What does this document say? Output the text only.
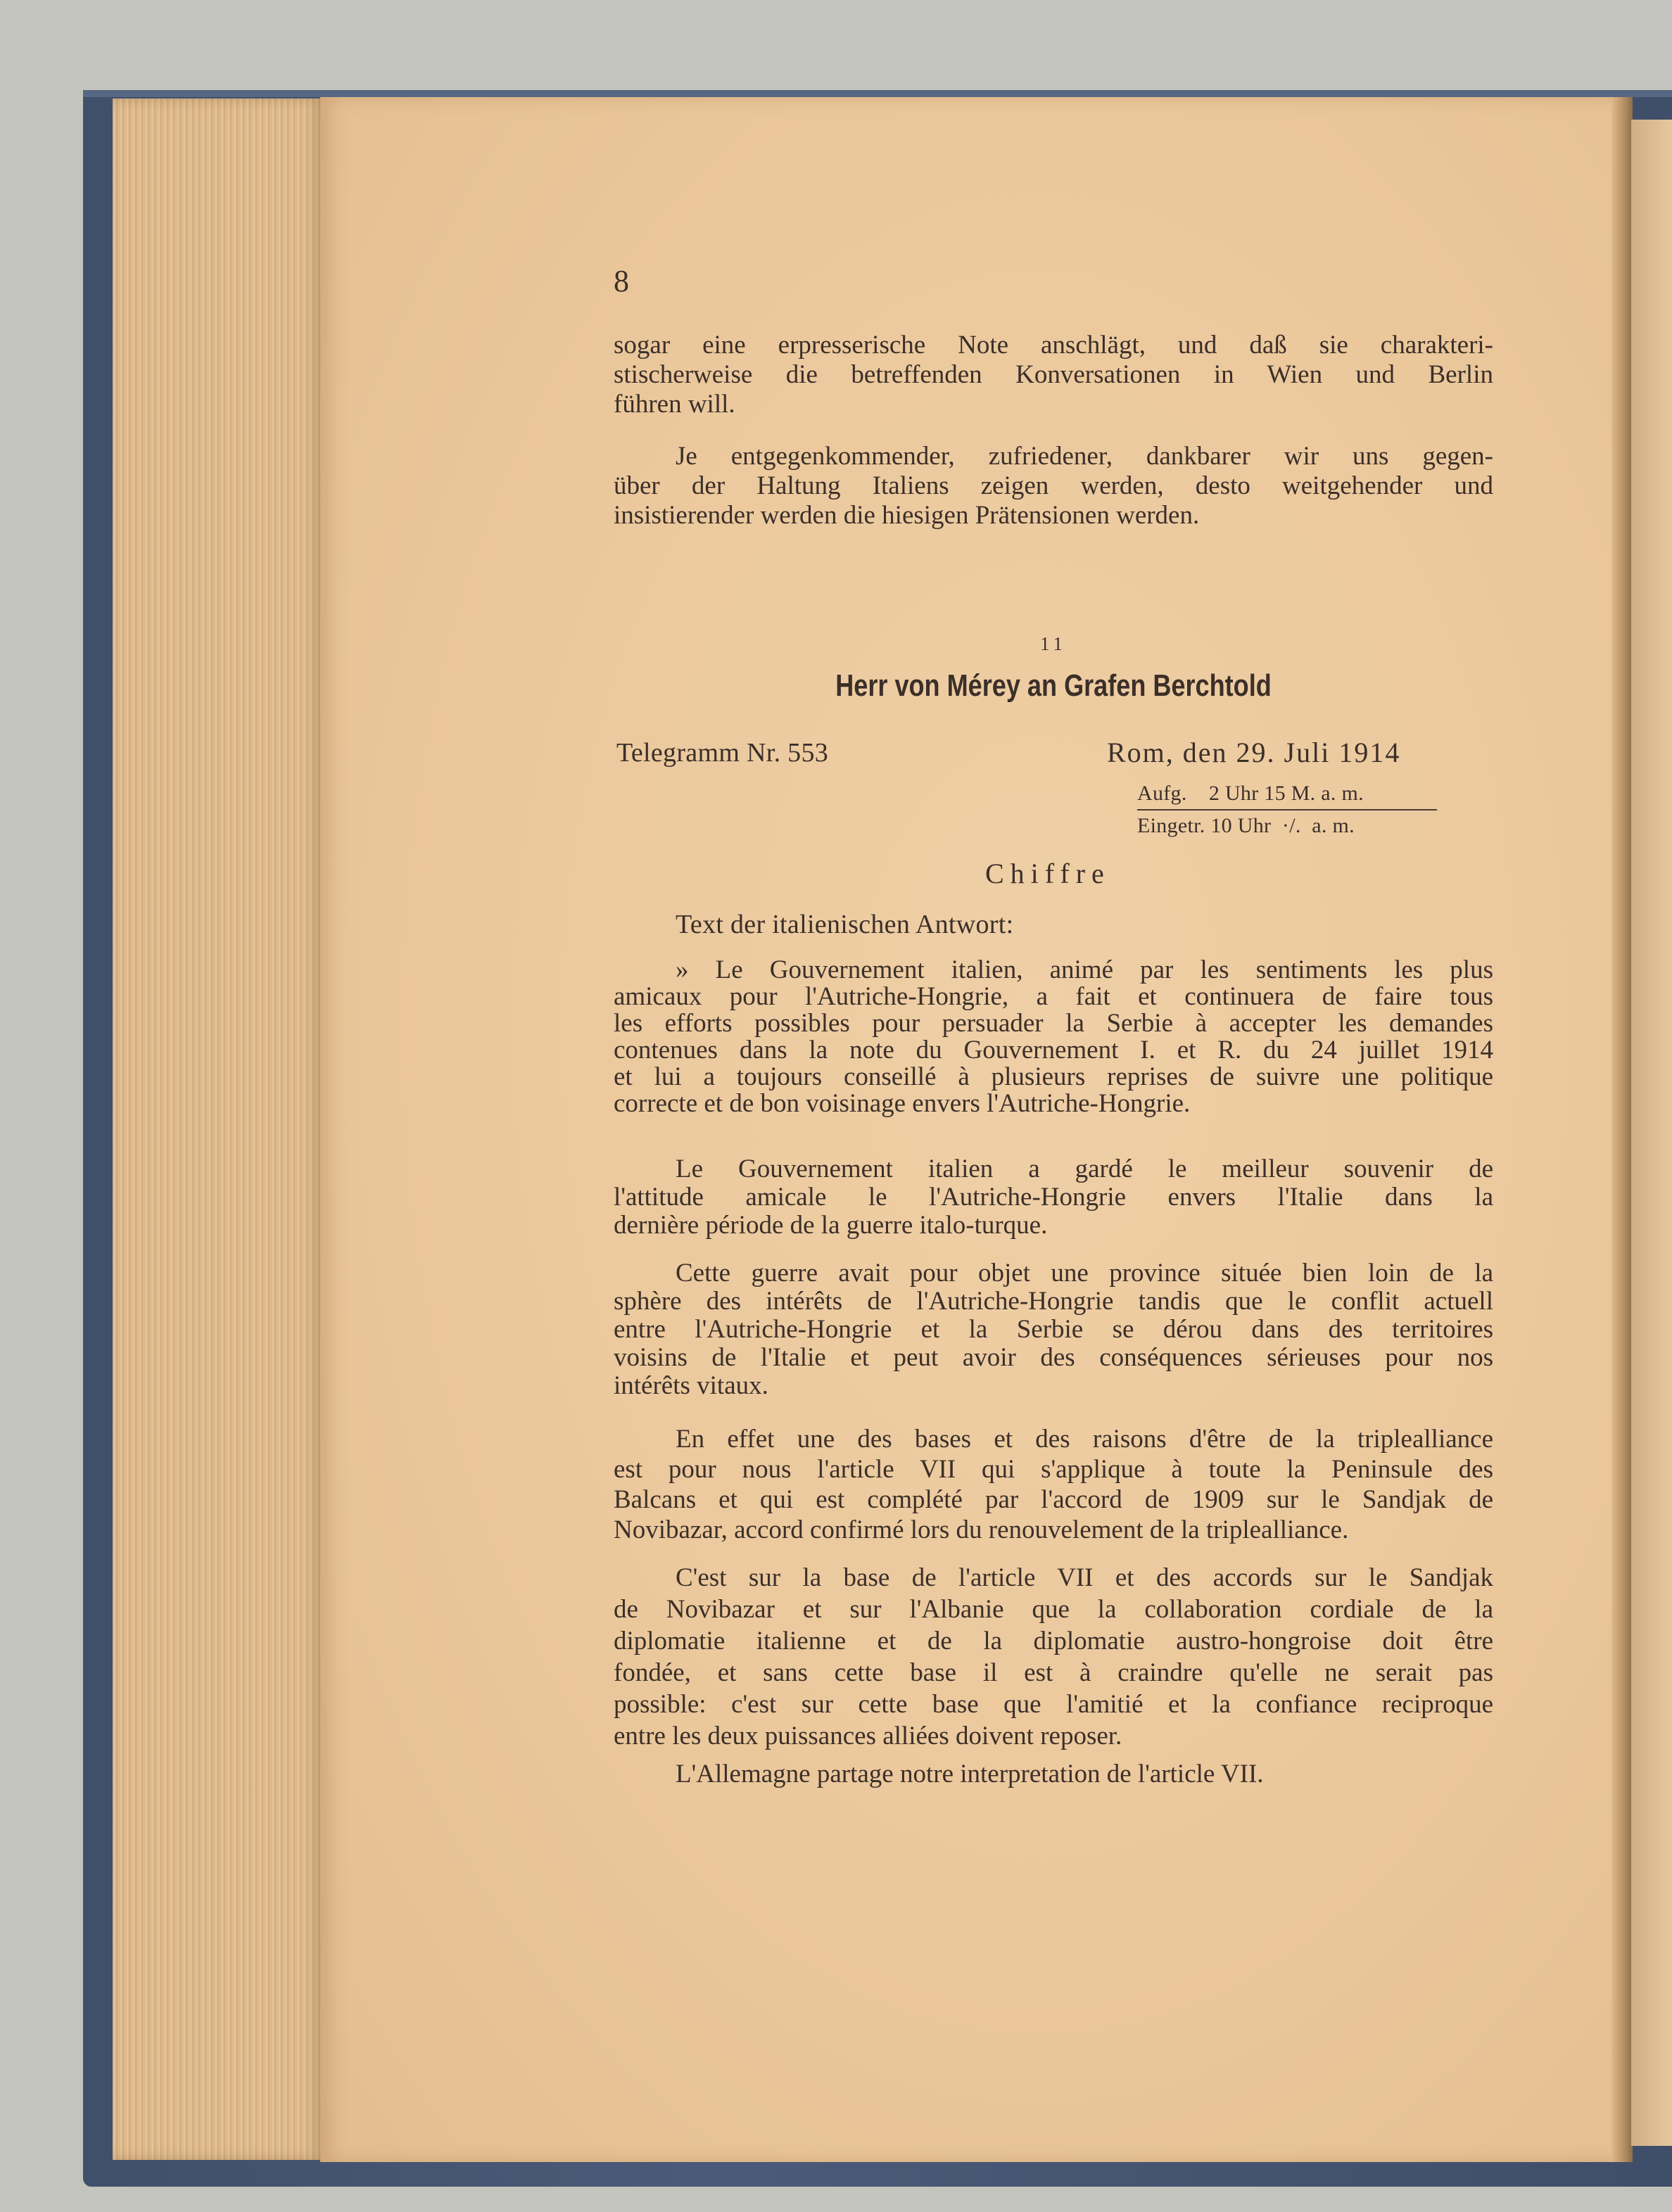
8

sogar eine erpresserische Note anschlägt, und daß sie charakteri-
stischerweise die betreffenden Konversationen in Wien und Berlin
führen will.
Je entgegenkommender, zufriedener, dankbarer wir uns gegen-
über der Haltung Italiens zeigen werden, desto weitgehender und
insistierender werden die hiesigen Prätensionen werden.

11

Herr von Mérey an Grafen Berchtold

Telegramm Nr. 553	Rom, den 29. Juli 1914

Aufg.    2 Uhr 15 M. a. m.

Eingetr. 10 Uhr  ·/.  a. m.

Chiffre

Text der italienischen Antwort:

» Le Gouvernement italien, animé par les sentiments les plus
amicaux pour l'Autriche-Hongrie, a fait et continuera de faire tous
les efforts possibles pour persuader la Serbie à accepter les demandes
contenues dans la note du Gouvernement I. et R. du 24 juillet 1914
et lui a toujours conseillé à plusieurs reprises de suivre une politique
correcte et de bon voisinage envers l'Autriche-Hongrie.
Le Gouvernement italien a gardé le meilleur souvenir de
l'attitude amicale le l'Autriche-Hongrie envers l'Italie dans la
dernière période de la guerre italo-turque.
Cette guerre avait pour objet une province située bien loin de la
sphère des intérêts de l'Autriche-Hongrie tandis que le conflit actuell
entre l'Autriche-Hongrie et la Serbie se dérou dans des territoires
voisins de l'Italie et peut avoir des conséquences sérieuses pour nos
intérêts vitaux.
En effet une des bases et des raisons d'être de la triplealliance
est pour nous l'article VII qui s'applique à toute la Peninsule des
Balcans et qui est complété par l'accord de 1909 sur le Sandjak de
Novibazar, accord confirmé lors du renouvelement de la triplealliance.
C'est sur la base de l'article VII et des accords sur le Sandjak
de Novibazar et sur l'Albanie que la collaboration cordiale de la
diplomatie italienne et de la diplomatie austro-hongroise doit être
fondée, et sans cette base il est à craindre qu'elle ne serait pas
possible: c'est sur cette base que l'amitié et la confiance reciproque
entre les deux puissances alliées doivent reposer.
L'Allemagne partage notre interpretation de l'article VII.
